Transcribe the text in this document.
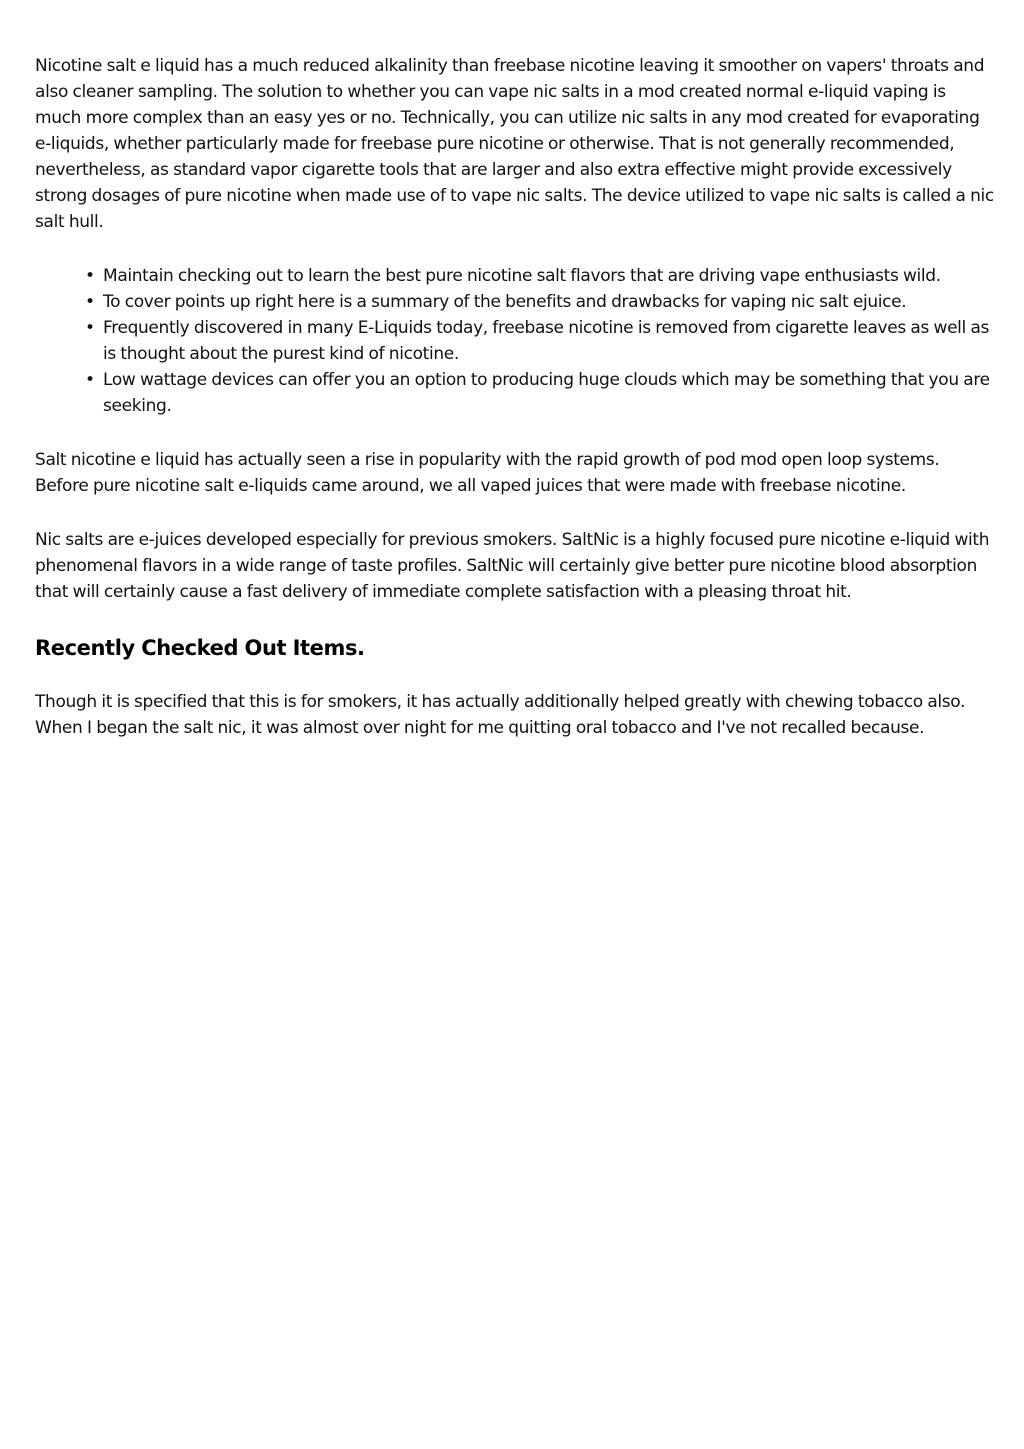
Nicotine salt e liquid has a much reduced alkalinity than freebase nicotine leaving it smoother on vapers' throats and also cleaner sampling. The solution to whether you can vape nic salts in a mod created normal e-liquid vaping is much more complex than an easy yes or no. Technically, you can utilize nic salts in any mod created for evaporating e-liquids, whether particularly made for freebase pure nicotine or otherwise. That is not generally recommended, nevertheless, as standard vapor cigarette tools that are larger and also extra effective might provide excessively strong dosages of pure nicotine when made use of to vape nic salts. The device utilized to vape nic salts is called a nic salt hull.

• Maintain checking out to learn the best pure nicotine salt flavors that are driving vape enthusiasts wild.
• To cover points up right here is a summary of the benefits and drawbacks for vaping nic salt ejuice.
• Frequently discovered in many E-Liquids today, freebase nicotine is removed from cigarette leaves as well as is thought about the purest kind of nicotine.
• Low wattage devices can offer you an option to producing huge clouds which may be something that you are seeking.

Salt nicotine e liquid has actually seen a rise in popularity with the rapid growth of pod mod open loop systems. Before pure nicotine salt e-liquids came around, we all vaped juices that were made with freebase nicotine.

Nic salts are e-juices developed especially for previous smokers. SaltNic is a highly focused pure nicotine e-liquid with phenomenal flavors in a wide range of taste profiles. SaltNic will certainly give better pure nicotine blood absorption that will certainly cause a fast delivery of immediate complete satisfaction with a pleasing throat hit.

Recently Checked Out Items.

Though it is specified that this is for smokers, it has actually additionally helped greatly with chewing tobacco also. When I began the salt nic, it was almost over night for me quitting oral tobacco and I've not recalled because.
